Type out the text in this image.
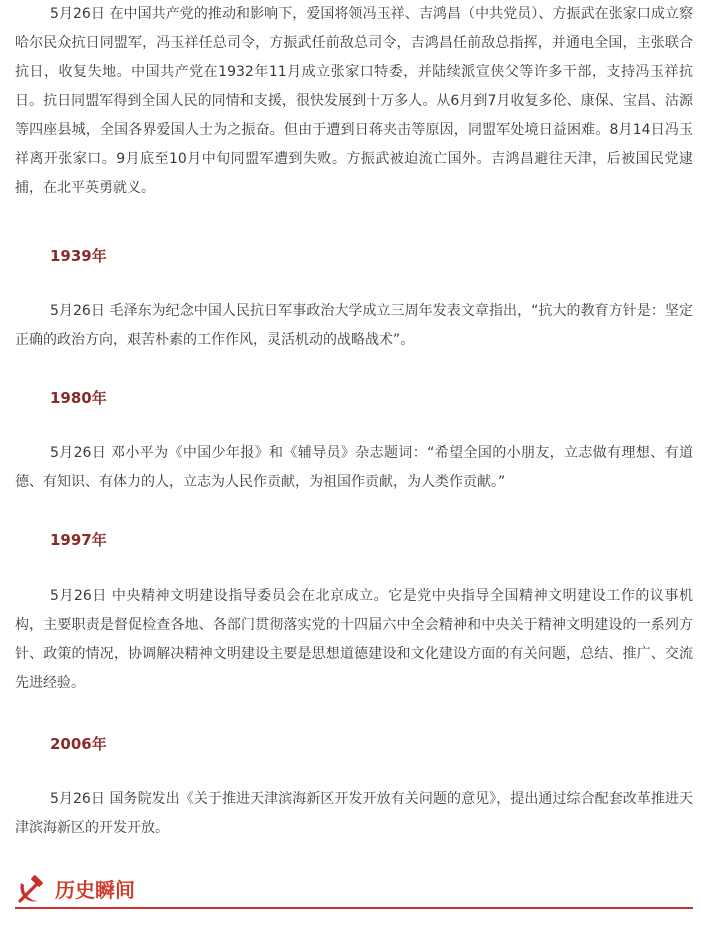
5月26日 在中国共产党的推动和影响下，爱国将领冯玉祥、吉鸿昌（中共党员）、方振武在张家口成立察哈尔民众抗日同盟军，冯玉祥任总司令，方振武任前敌总司令，吉鸿昌任前敌总指挥，并通电全国，主张联合抗日，收复失地。中国共产党在1932年11月成立张家口特委，并陆续派宣侠父等许多干部，支持冯玉祥抗日。抗日同盟军得到全国人民的同情和支援，很快发展到十万多人。从6月到7月收复多伦、康保、宝昌、沽源等四座县城，全国各界爱国人士为之振奋。但由于遭到日蒋夹击等原因，同盟军处境日益困难。8月14日冯玉祥离开张家口。9月底至10月中旬同盟军遭到失败。方振武被迫流亡国外。吉鸿昌避往天津，后被国民党逮捕，在北平英勇就义。

1939年

5月26日 毛泽东为纪念中国人民抗日军事政治大学成立三周年发表文章指出，“抗大的教育方针是：坚定正确的政治方向，艰苦朴素的工作作风，灵活机动的战略战术”。

1980年

5月26日 邓小平为《中国少年报》和《辅导员》杂志题词：“希望全国的小朋友，立志做有理想、有道德、有知识、有体力的人，立志为人民作贡献，为祖国作贡献，为人类作贡献。”

1997年

5月26日 中央精神文明建设指导委员会在北京成立。它是党中央指导全国精神文明建设工作的议事机构，主要职责是督促检查各地、各部门贯彻落实党的十四届六中全会精神和中央关于精神文明建设的一系列方针、政策的情况，协调解决精神文明建设主要是思想道德建设和文化建设方面的有关问题，总结、推广、交流先进经验。

2006年

5月26日 国务院发出《关于推进天津滨海新区开发开放有关问题的意见》，提出通过综合配套改革推进天津滨海新区的开发开放。

历史瞬间
